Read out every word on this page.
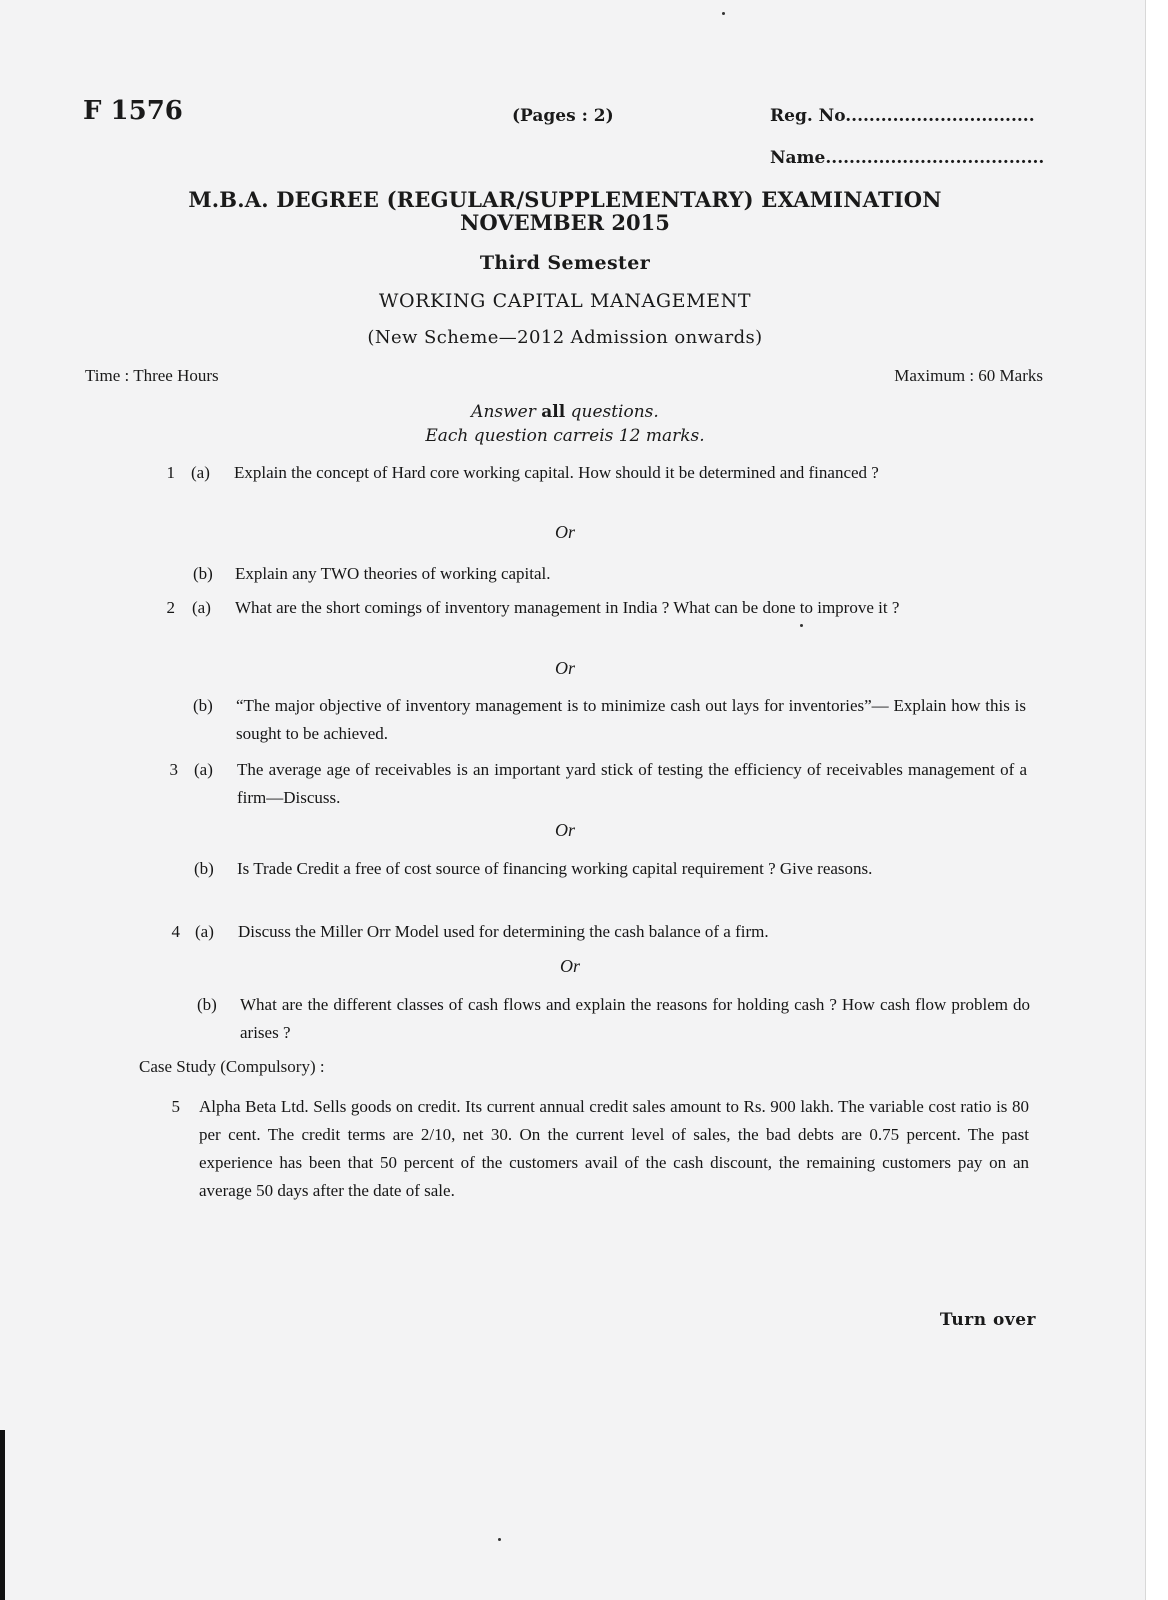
F 1576	(Pages : 2)	Reg. No................................
Name.....................................
M.B.A. DEGREE (REGULAR/SUPPLEMENTARY) EXAMINATION
NOVEMBER 2015
Third Semester
WORKING CAPITAL MANAGEMENT
(New Scheme—2012 Admission onwards)
Time : Three Hours	Maximum : 60 Marks
Answer all questions.
Each question carreis 12 marks.
1 (a) Explain the concept of Hard core working capital. How should it be determined and financed ?
Or
(b) Explain any TWO theories of working capital.
2 (a) What are the short comings of inventory management in India ? What can be done to improve it ?
Or
(b) “The major objective of inventory management is to minimize cash out lays for inventories”— Explain how this is sought to be achieved.
3 (a) The average age of receivables is an important yard stick of testing the efficiency of receivables management of a firm—Discuss.
Or
(b) Is Trade Credit a free of cost source of financing working capital requirement ? Give reasons.
4 (a) Discuss the Miller Orr Model used for determining the cash balance of a firm.
Or
(b) What are the different classes of cash flows and explain the reasons for holding cash ? How cash flow problem do arises ?
Case Study (Compulsory) :
5 Alpha Beta Ltd. Sells goods on credit. Its current annual credit sales amount to Rs. 900 lakh. The variable cost ratio is 80 per cent. The credit terms are 2/10, net 30. On the current level of sales, the bad debts are 0.75 percent. The past experience has been that 50 percent of the customers avail of the cash discount, the remaining customers pay on an average 50 days after the date of sale.
Turn over
